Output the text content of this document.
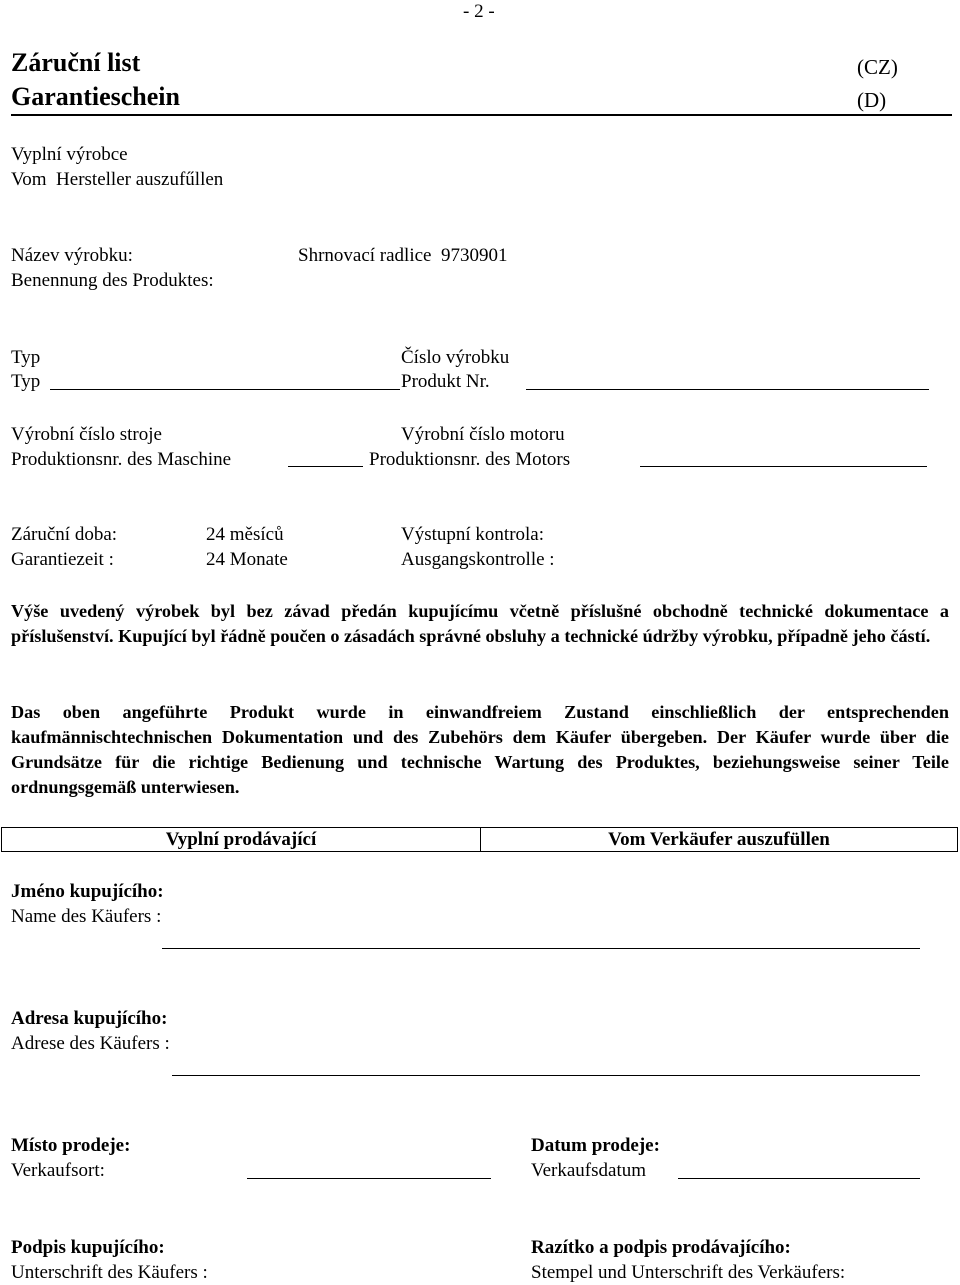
- 2 -
Záruční list
Garantieschein
(CZ)
(D)
Vyplní výrobce
Vom  Hersteller auszufűllen
Název výrobku:
Benennung des Produktes:
Shrnovací radlice  9730901
Typ
Typ
Číslo výrobku
Produkt Nr.
Výrobní číslo stroje
Produktionsnr. des Maschine
Výrobní číslo motoru
Produktionsnr. des Motors
Záruční doba:
Garantiezeit :
24 měsíců
24 Monate
Výstupní kontrola:
Ausgangskontrolle :
Výše uvedený výrobek byl bez závad předán kupujícímu včetně příslušné obchodně technické dokumentace a příslušenství. Kupující byl řádně poučen o zásadách správné obsluhy a technické údržby výrobku, případně jeho částí.
Das oben angeführte Produkt wurde in einwandfreiem Zustand einschließlich der entsprechenden kaufmännischtechnischen Dokumentation und des Zubehörs dem Käufer übergeben. Der Käufer wurde über die Grundsätze für die richtige Bedienung und technische Wartung des Produktes, beziehungsweise seiner Teile ordnungsgemäß unterwiesen.
Vyplní prodávající	Vom Verkäufer auszufüllen
Jméno kupujícího:
Name des Käufers :
Adresa kupujícího:
Adrese des Käufers :
Místo prodeje:
Verkaufsort:
Datum prodeje:
Verkaufsdatum
Podpis kupujícího:
Unterschrift des Käufers :
Razítko a podpis prodávajícího:
Stempel und Unterschrift des Verkäufers:
